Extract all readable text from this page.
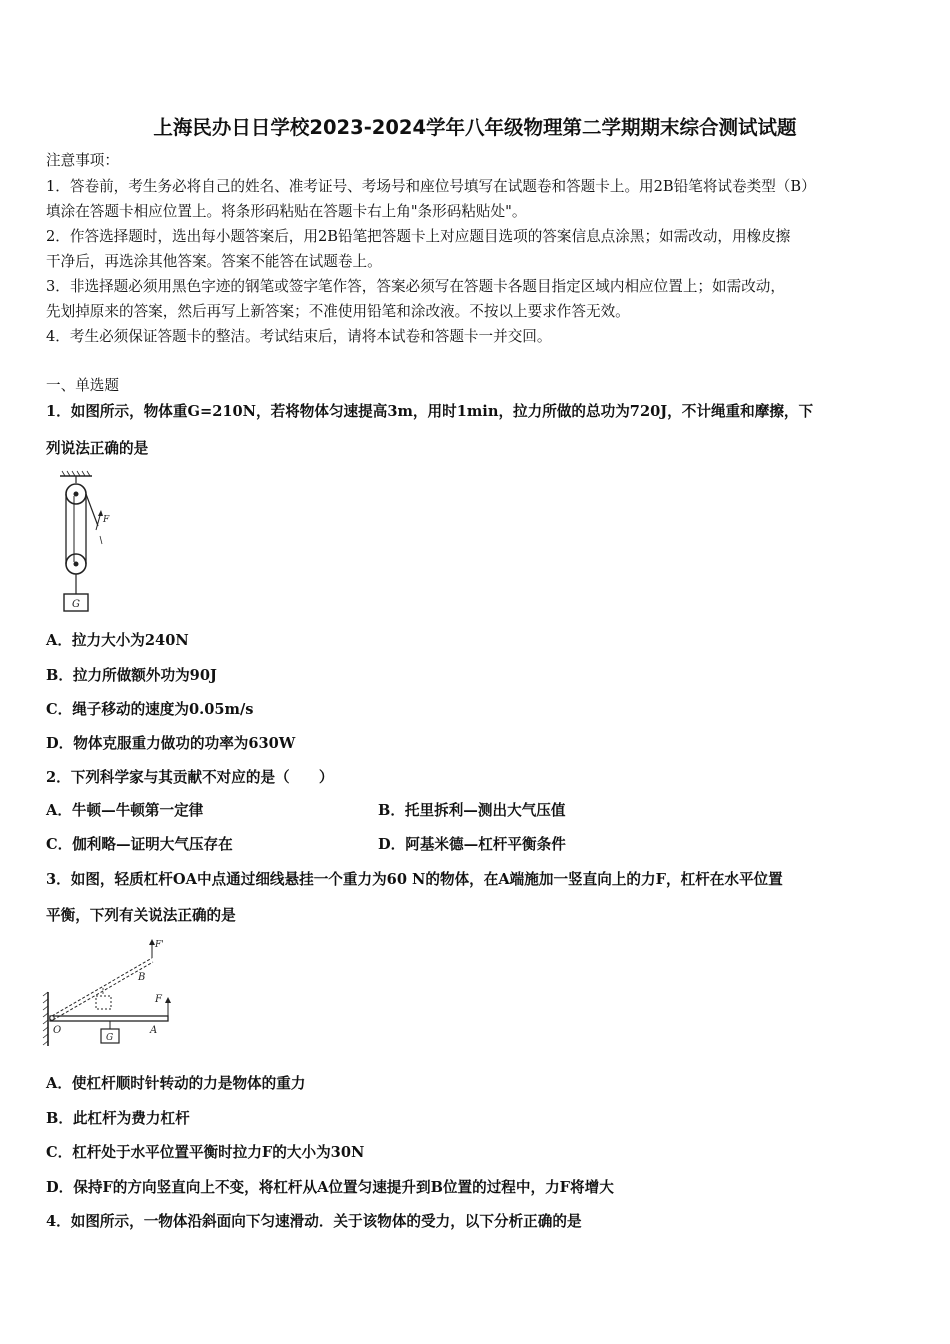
上海民办日日学校2023-2024学年八年级物理第二学期期末综合测试试题
注意事项：
1．答卷前，考生务必将自己的姓名、准考证号、考场号和座位号填写在试题卷和答题卡上。用2B铅笔将试卷类型（B）
填涂在答题卡相应位置上。将条形码粘贴在答题卡右上角"条形码粘贴处"。
2．作答选择题时，选出每小题答案后，用2B铅笔把答题卡上对应题目选项的答案信息点涂黑；如需改动，用橡皮擦
干净后，再选涂其他答案。答案不能答在试题卷上。
3．非选择题必须用黑色字迹的钢笔或签字笔作答，答案必须写在答题卡各题目指定区域内相应位置上；如需改动，
先划掉原来的答案，然后再写上新答案；不准使用铅笔和涂改液。不按以上要求作答无效。
4．考生必须保证答题卡的整洁。考试结束后，请将本试卷和答题卡一并交回。
一、单选题
1．如图所示，物体重G=210N，若将物体匀速提高3m，用时1min，拉力所做的总功为720J，不计绳重和摩擦，下
列说法正确的是
F
G
A．拉力大小为240N
B．拉力所做额外功为90J
C．绳子移动的速度为0.05m/s
D．物体克服重力做功的功率为630W
2．下列科学家与其贡献不对应的是（　　）
A．牛顿—牛顿第一定律	B．托里拆利—测出大气压值
C．伽利略—证明大气压存在	D．阿基米德—杠杆平衡条件
3．如图，轻质杠杆OA中点通过细线悬挂一个重力为60 N的物体，在A端施加一竖直向上的力F，杠杆在水平位置
平衡，下列有关说法正确的是
F'
B
F
O	A
G
A．使杠杆顺时针转动的力是物体的重力
B．此杠杆为费力杠杆
C．杠杆处于水平位置平衡时拉力F的大小为30N
D．保持F的方向竖直向上不变，将杠杆从A位置匀速提升到B位置的过程中，力F将增大
4．如图所示，一物体沿斜面向下匀速滑动．关于该物体的受力，以下分析正确的是
